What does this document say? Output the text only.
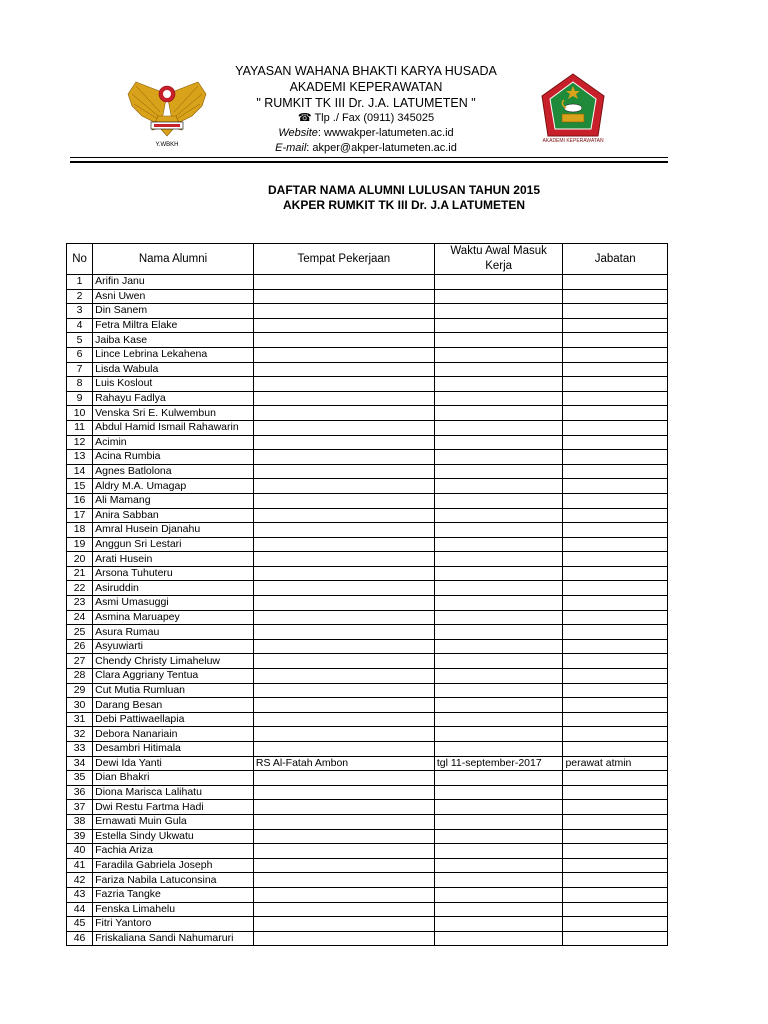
Y.WBKH
YAYASAN WAHANA BHAKTI KARYA HUSADA
AKADEMI KEPERAWATAN
" RUMKIT TK III Dr. J.A. LATUMETEN "
☎ Tlp ./ Fax (0911) 345025
Website: wwwakper-latumeten.ac.id
E-mail: akper@akper-latumeten.ac.id
AKADEMI KEPERAWATAN
DAFTAR NAMA ALUMNI LULUSAN TAHUN 2015
AKPER RUMKIT TK III Dr. J.A LATUMETEN
No	Nama Alumni	Tempat Pekerjaan	Waktu Awal Masuk Kerja	Jabatan
1	Arifin Janu			
2	Asni Uwen			
3	Din Sanem			
4	Fetra Miltra Elake			
5	Jaiba Kase			
6	Lince Lebrina Lekahena			
7	Lisda Wabula			
8	Luis Koslout			
9	Rahayu Fadlya			
10	Venska Sri E. Kulwembun			
11	Abdul Hamid Ismail Rahawarin			
12	Acimin			
13	Acina Rumbia			
14	Agnes Batlolona			
15	Aldry M.A. Umagap			
16	Ali Mamang			
17	Anira Sabban			
18	Amral Husein Djanahu			
19	Anggun Sri Lestari			
20	Arati Husein			
21	Arsona Tuhuteru			
22	Asiruddin			
23	Asmi Umasuggi			
24	Asmina Maruapey			
25	Asura Rumau			
26	Asyuwiarti			
27	Chendy Christy Limaheluw			
28	Clara Aggriany Tentua			
29	Cut Mutia Rumluan			
30	Darang Besan			
31	Debi Pattiwaellapia			
32	Debora Nanariain			
33	Desambri Hitimala			
34	Dewi Ida Yanti	RS Al-Fatah Ambon	tgl 11-september-2017	perawat atmin
35	Dian Bhakri			
36	Diona Marisca Lalihatu			
37	Dwi Restu Fartma Hadi			
38	Ernawati Muin Gula			
39	Estella Sindy Ukwatu			
40	Fachia Ariza			
41	Faradila Gabriela Joseph			
42	Fariza Nabila Latuconsina			
43	Fazria Tangke			
44	Fenska Limahelu			
45	Fitri Yantoro			
46	Friskaliana Sandi Nahumaruri			
